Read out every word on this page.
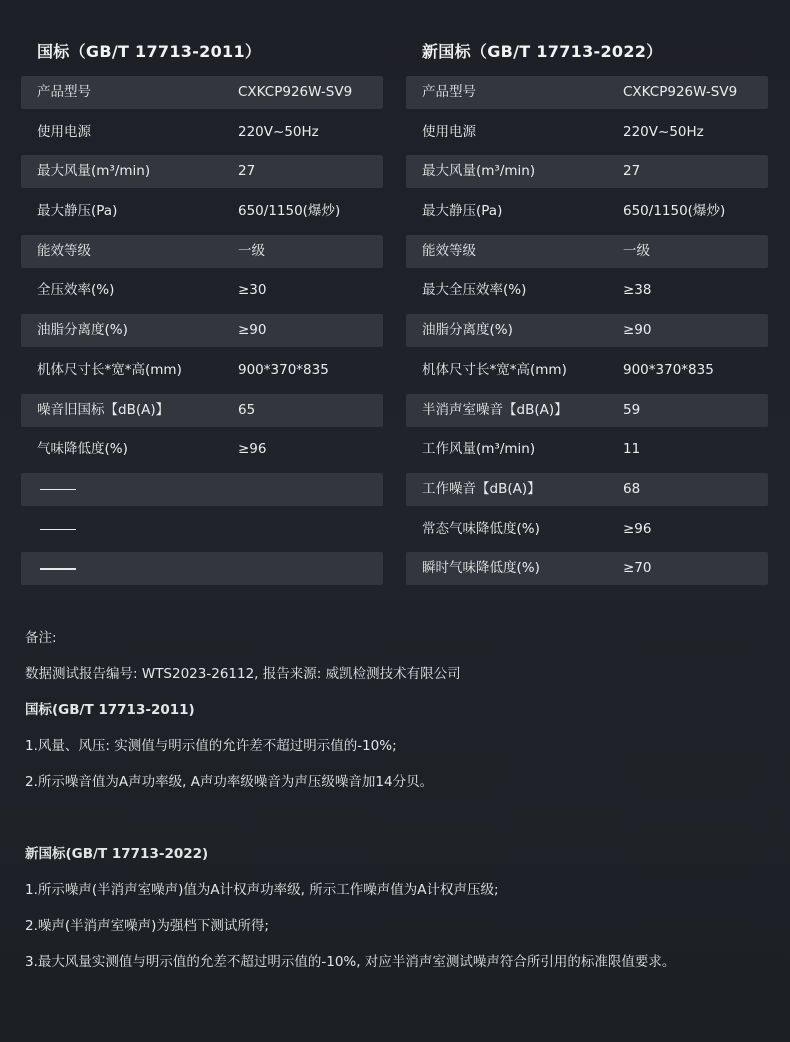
国标（GB/T 17713-2011）
产品型号	CXKCP926W-SV9
使用电源	220V~50Hz
最大风量(m³/min)	27
最大静压(Pa)	650/1150(爆炒)
能效等级	一级
全压效率(%)	≥30
油脂分离度(%)	≥90
机体尺寸长*宽*高(mm)	900*370*835
噪音旧国标【dB(A)】	65
气味降低度(%)	≥96
新国标（GB/T 17713-2022）
产品型号	CXKCP926W-SV9
使用电源	220V~50Hz
最大风量(m³/min)	27
最大静压(Pa)	650/1150(爆炒)
能效等级	一级
最大全压效率(%)	≥38
油脂分离度(%)	≥90
机体尺寸长*宽*高(mm)	900*370*835
半消声室噪音【dB(A)】	59
工作风量(m³/min)	11
工作噪音【dB(A)】	68
常态气味降低度(%)	≥96
瞬时气味降低度(%)	≥70
备注:
数据测试报告编号: WTS2023-26112, 报告来源: 威凯检测技术有限公司
国标(GB/T 17713-2011)
1.风量、风压: 实测值与明示值的允许差不超过明示值的-10%;
2.所示噪音值为A声功率级, A声功率级噪音为声压级噪音加14分贝。
新国标(GB/T 17713-2022)
1.所示噪声(半消声室噪声)值为A计权声功率级, 所示工作噪声值为A计权声压级;
2.噪声(半消声室噪声)为强档下测试所得;
3.最大风量实测值与明示值的允差不超过明示值的-10%, 对应半消声室测试噪声符合所引用的标准限值要求。
